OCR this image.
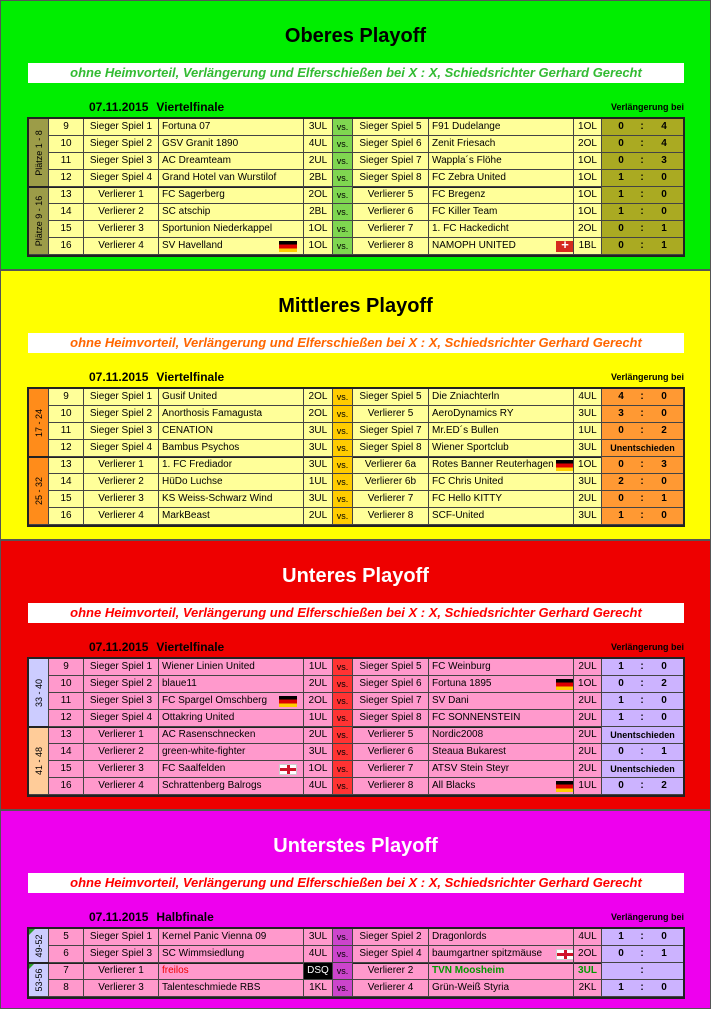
Oberes Playoff
ohne Heimvorteil, Verlängerung und Elferschießen bei X : X, Schiedsrichter Gerhard Gerecht
07.11.2015 Viertelfinale	Verlängerung bei
Plätze 1 - 8
Plätze 9 - 16
9	Sieger Spiel 1 Fortuna 07	3UL	vs.	Sieger Spiel 5	F91 Dudelange	1OL	0	:	4
10	Sieger Spiel 2 GSV Granit 1890	4UL	vs.	Sieger Spiel 6	Zenit Friesach	2OL	0	:	4
11	Sieger Spiel 3 AC Dreamteam	2UL	vs.	Sieger Spiel 7	Wappla´s Flöhe	1OL	0	:	3
12	Sieger Spiel 4 Grand Hotel van Wurstilof	2BL	vs.	Sieger Spiel 8	FC Zebra United	1OL	1	:	0
13	Verlierer 1	FC Sagerberg	2OL	vs.	Verlierer 5	FC Bregenz	1OL	1	:	0
14	Verlierer 2	SC atschip	2BL	vs.	Verlierer 6	FC Killer Team	1OL	1	:	0
15	Verlierer 3	Sportunion Niederkappel	1OL	vs.	Verlierer 7	1. FC Hackedicht	2OL	0	:	1
16	Verlierer 4	SV Havelland	1OL	vs.	Verlierer 8	NAMOPH UNITED
+	1BL	0	:	1
Mittleres Playoff
ohne Heimvorteil, Verlängerung und Elferschießen bei X : X, Schiedsrichter Gerhard Gerecht
07.11.2015 Viertelfinale	Verlängerung bei
17 - 24
25 - 32
9	Sieger Spiel 1 Gusif United	2OL	vs.	Sieger Spiel 5	Die Zniachterln	4UL	4	:	0
10	Sieger Spiel 2 Anorthosis Famagusta	2OL	vs.	Verlierer 5	AeroDynamics RY	3UL	3	:	0
11	Sieger Spiel 3 CENATION	3UL	vs.	Sieger Spiel 7	Mr.ED´s Bullen	1UL	0	:	2
12	Sieger Spiel 4 Bambus Psychos	3UL	vs.	Sieger Spiel 8	Wiener Sportclub	3UL	Unentschieden
13	Verlierer 1	1. FC Frediador	3UL	vs.	Verlierer 6a	Rotes Banner Reuterhagen	1OL	0	:	3
14	Verlierer 2	HüDo Luchse	1UL	vs.	Verlierer 6b	FC Chris United	3UL	2	:	0
15	Verlierer 3	KS Weiss-Schwarz Wind	3UL	vs.	Verlierer 7	FC Hello KITTY	2UL	0	:	1
16	Verlierer 4	MarkBeast	2UL	vs.	Verlierer 8	SCF-United	3UL	1	:	0
Unteres Playoff
ohne Heimvorteil, Verlängerung und Elferschießen bei X : X, Schiedsrichter Gerhard Gerecht
07.11.2015 Viertelfinale	Verlängerung bei
33 - 40
41 - 48
9	Sieger Spiel 1 Wiener Linien United	1UL	vs.	Sieger Spiel 5	FC Weinburg	2UL	1	:	0
10	Sieger Spiel 2 blaue11	2UL	vs.	Sieger Spiel 6	Fortuna 1895	1OL	0	:	2
11	Sieger Spiel 3 FC Spargel Omschberg	2OL	vs.	Sieger Spiel 7	SV Dani	2UL	1	:	0
12	Sieger Spiel 4 Ottakring United	1UL	vs.	Sieger Spiel 8	FC SONNENSTEIN	2UL	1	:	0
13	Verlierer 1	AC Rasenschnecken	2UL	vs.	Verlierer 5	Nordic2008	2UL	Unentschieden
14	Verlierer 2	green-white-fighter	3UL	vs.	Verlierer 6	Steaua Bukarest	2UL	0	:	1
15	Verlierer 3	FC Saalfelden	1OL	vs.	Verlierer 7	ATSV Stein Steyr	2UL	Unentschieden
16	Verlierer 4	Schrattenberg Balrogs	4UL	vs.	Verlierer 8	All Blacks	1UL	0	:	2
Unterstes Playoff
ohne Heimvorteil, Verlängerung und Elferschießen bei X : X, Schiedsrichter Gerhard Gerecht
07.11.2015 Halbfinale	Verlängerung bei
49-52
53-56
5	Sieger Spiel 1 Kernel Panic Vienna 09	3UL	vs.	Sieger Spiel 2	Dragonlords	4UL	1	:	0
6	Sieger Spiel 3 SC Wimmsiedlung	4UL	vs.	Sieger Spiel 4	baumgartner spitzmäuse	2OL	0	:	1
7	Verlierer 1	freilos	DSQ vs.	Verlierer 2	TVN Moosheim	3UL	:
8	Verlierer 3	Talenteschmiede RBS	1KL	vs.	Verlierer 4	Grün-Weiß Styria	2KL	1	:	0
